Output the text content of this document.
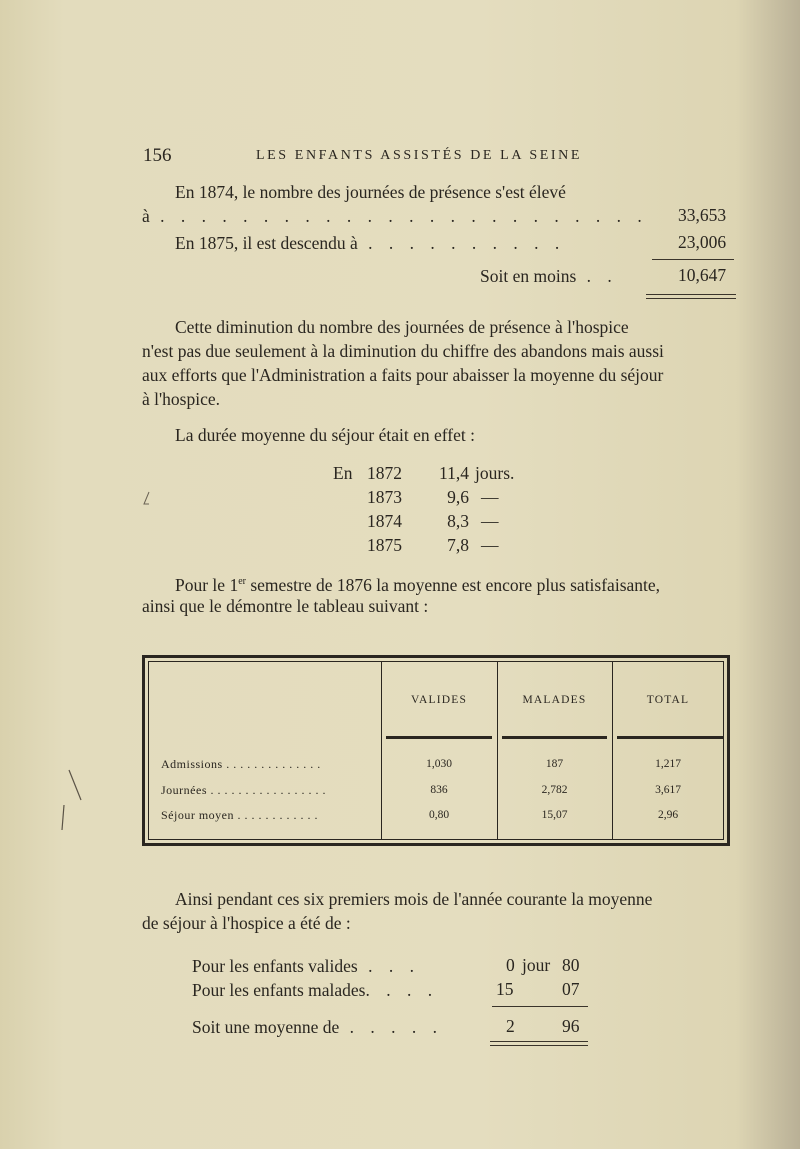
156	LES ENFANTS ASSISTÉS DE LA SEINE
En 1874, le nombre des journées de présence s'est élevé
à . . . . . . . . . . . . . . . . . . . . . . . . 33,653
En 1875, il est descendu à . . . . . . . . . .	23,006
Soit en moins . .	10,647
Cette diminution du nombre des journées de présence à l'hospice
n'est pas due seulement à la diminution du chiffre des abandons mais aussi
aux efforts que l'Administration a faits pour abaisser la moyenne du séjour
à l'hospice.
La durée moyenne du séjour était en effet :
En	1872	11,4	jours.
	1873	9,6	—
	1874	8,3	—
	1875	7,8	—
Pour le 1er semestre de 1876 la moyenne est encore plus satisfaisante,
ainsi que le démontre le tableau suivant :
VALIDES	MALADES	TOTAL
Admissions . . . . . . . . . . . . . .	1,030	187	1,217
Journées . . . . . . . . . . . . . . . . .	836	2,782	3,617
Séjour moyen . . . . . . . . . . . .	0,80	15,07	2,96
Ainsi pendant ces six premiers mois de l'année courante la moyenne
de séjour à l'hospice a été de :
Pour les enfants valides . . .	0 jour 80
Pour les enfants malades. . . .	15	07
Soit une moyenne de . . . . .	2	96
